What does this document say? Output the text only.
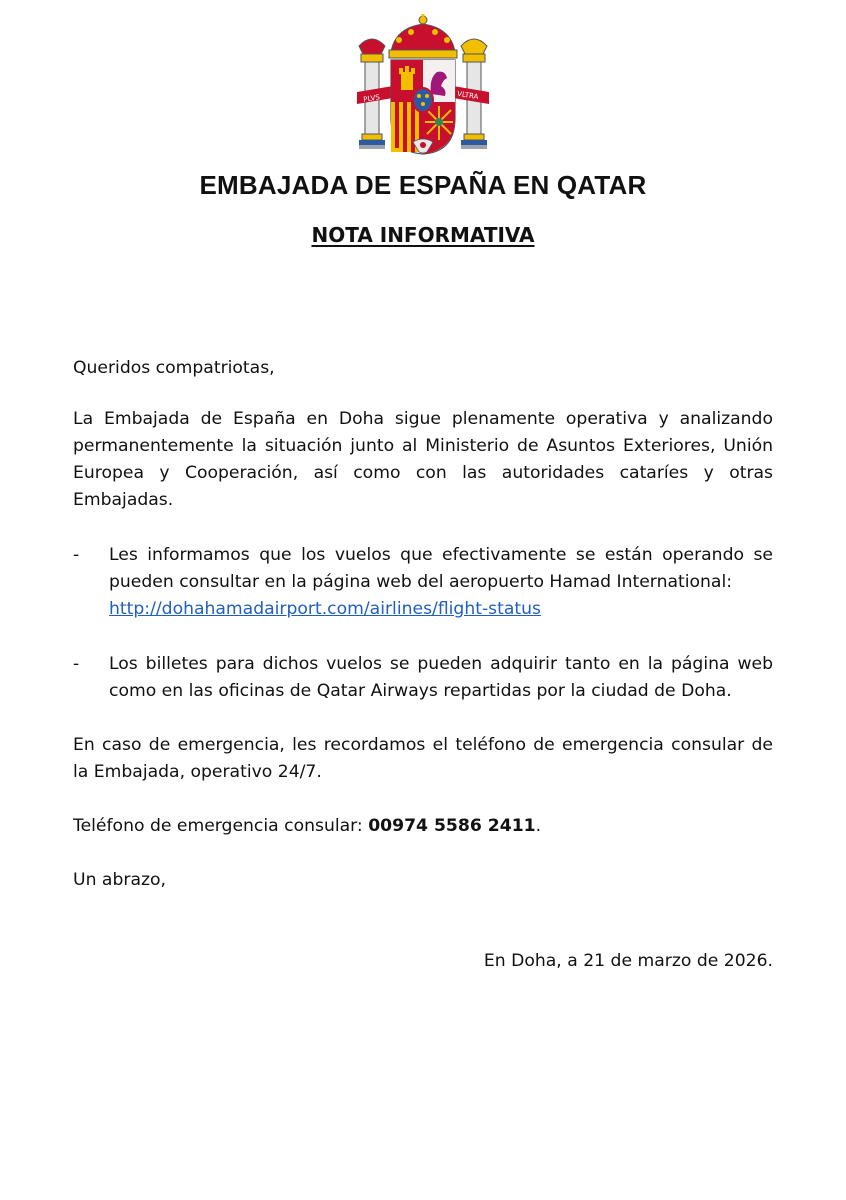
PLVS	VLTRA
EMBAJADA DE ESPAÑA EN QATAR
NOTA INFORMATIVA

Queridos compatriotas,

La Embajada de España en Doha sigue plenamente operativa y analizando permanentemente la situación junto al Ministerio de Asuntos Exteriores, Unión Europea y Cooperación, así como con las autoridades cataríes y otras Embajadas.

- Les informamos que los vuelos que efectivamente se están operando se pueden consultar en la página web del aeropuerto Hamad International:
http://dohahamadairport.com/airlines/flight-status
- Los billetes para dichos vuelos se pueden adquirir tanto en la página web como en las oficinas de Qatar Airways repartidas por la ciudad de Doha.

En caso de emergencia, les recordamos el teléfono de emergencia consular de la Embajada, operativo 24/7.

Teléfono de emergencia consular: 00974 5586 2411.

Un abrazo,

En Doha, a 21 de marzo de 2026.
